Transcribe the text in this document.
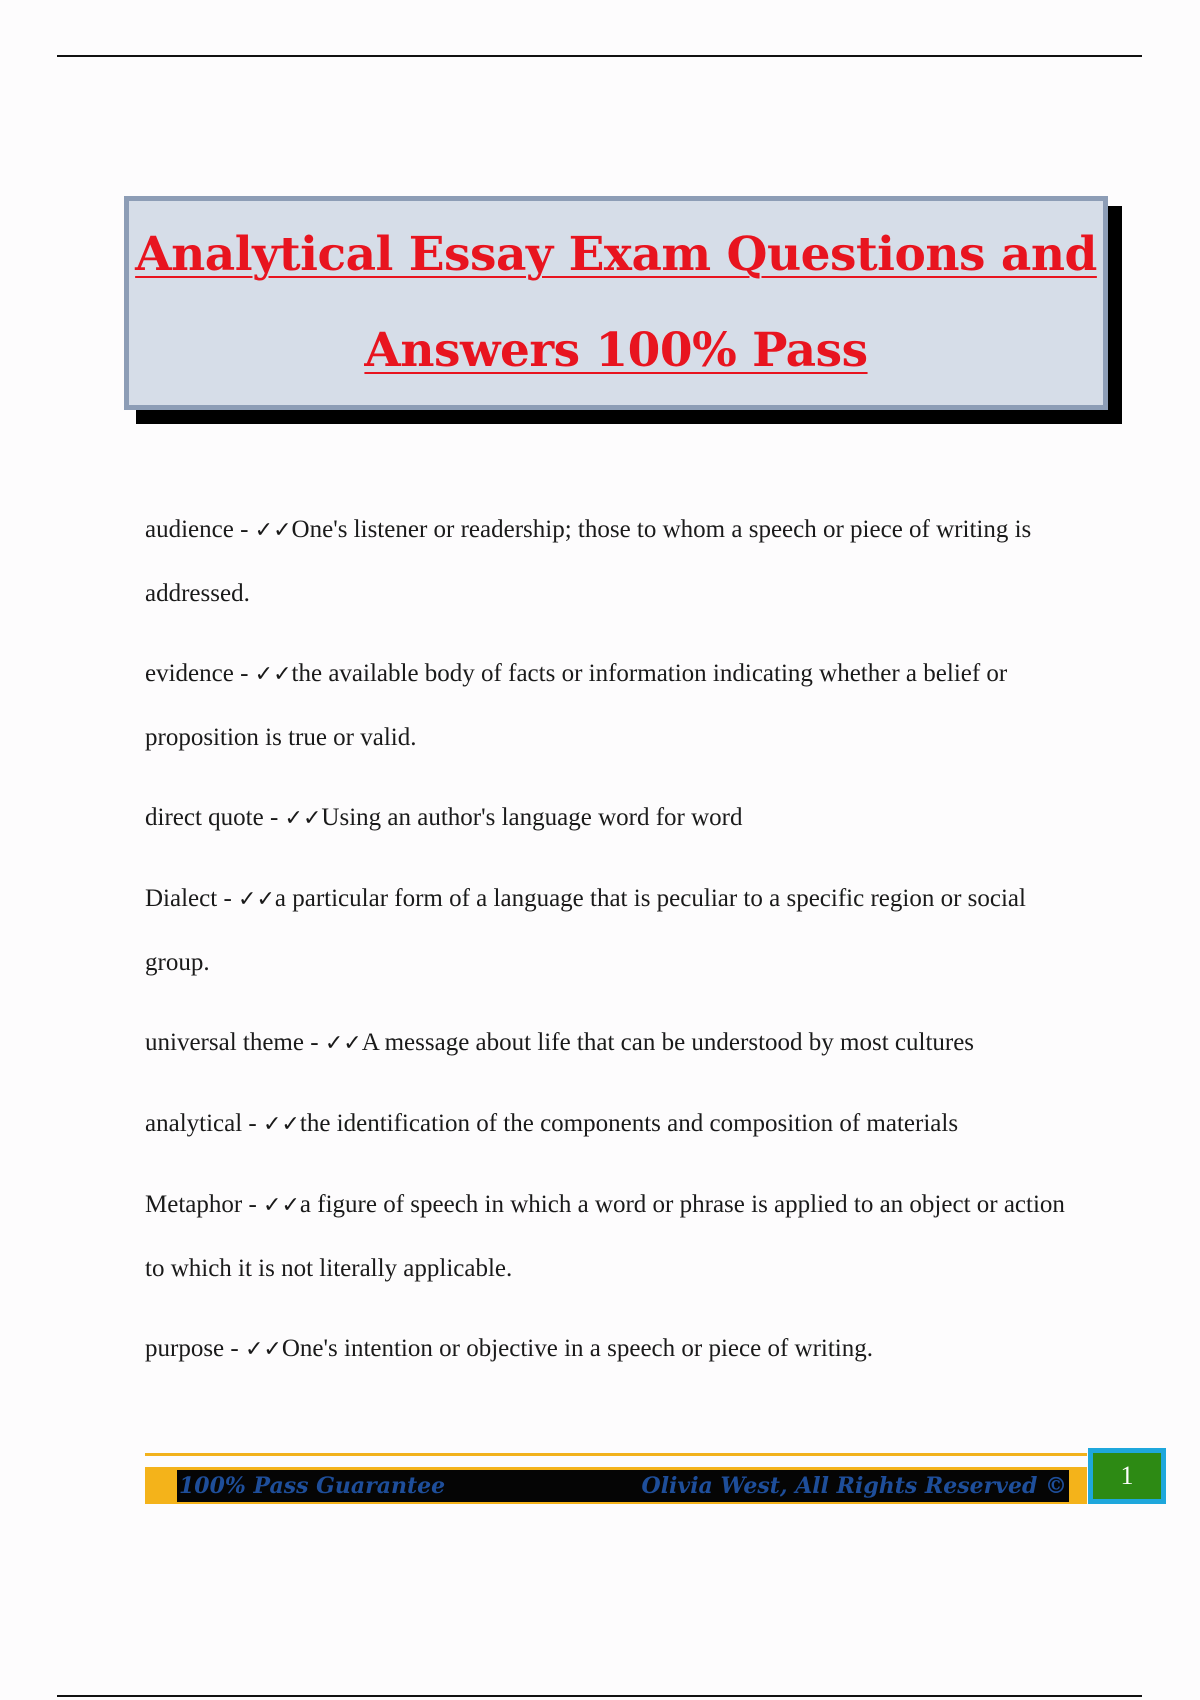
Analytical Essay Exam Questions and
Answers 100% Pass
audience - ✓✓One's listener or readership; those to whom a speech or piece of writing is addressed.
evidence - ✓✓the available body of facts or information indicating whether a belief or proposition is true or valid.
direct quote - ✓✓Using an author's language word for word
Dialect - ✓✓a particular form of a language that is peculiar to a specific region or social group.
universal theme - ✓✓A message about life that can be understood by most cultures
analytical - ✓✓the identification of the components and composition of materials
Metaphor - ✓✓a figure of speech in which a word or phrase is applied to an object or action to which it is not literally applicable.
purpose - ✓✓One's intention or objective in a speech or piece of writing.
100% Pass Guarantee	Olivia West, All Rights Reserved © 1
